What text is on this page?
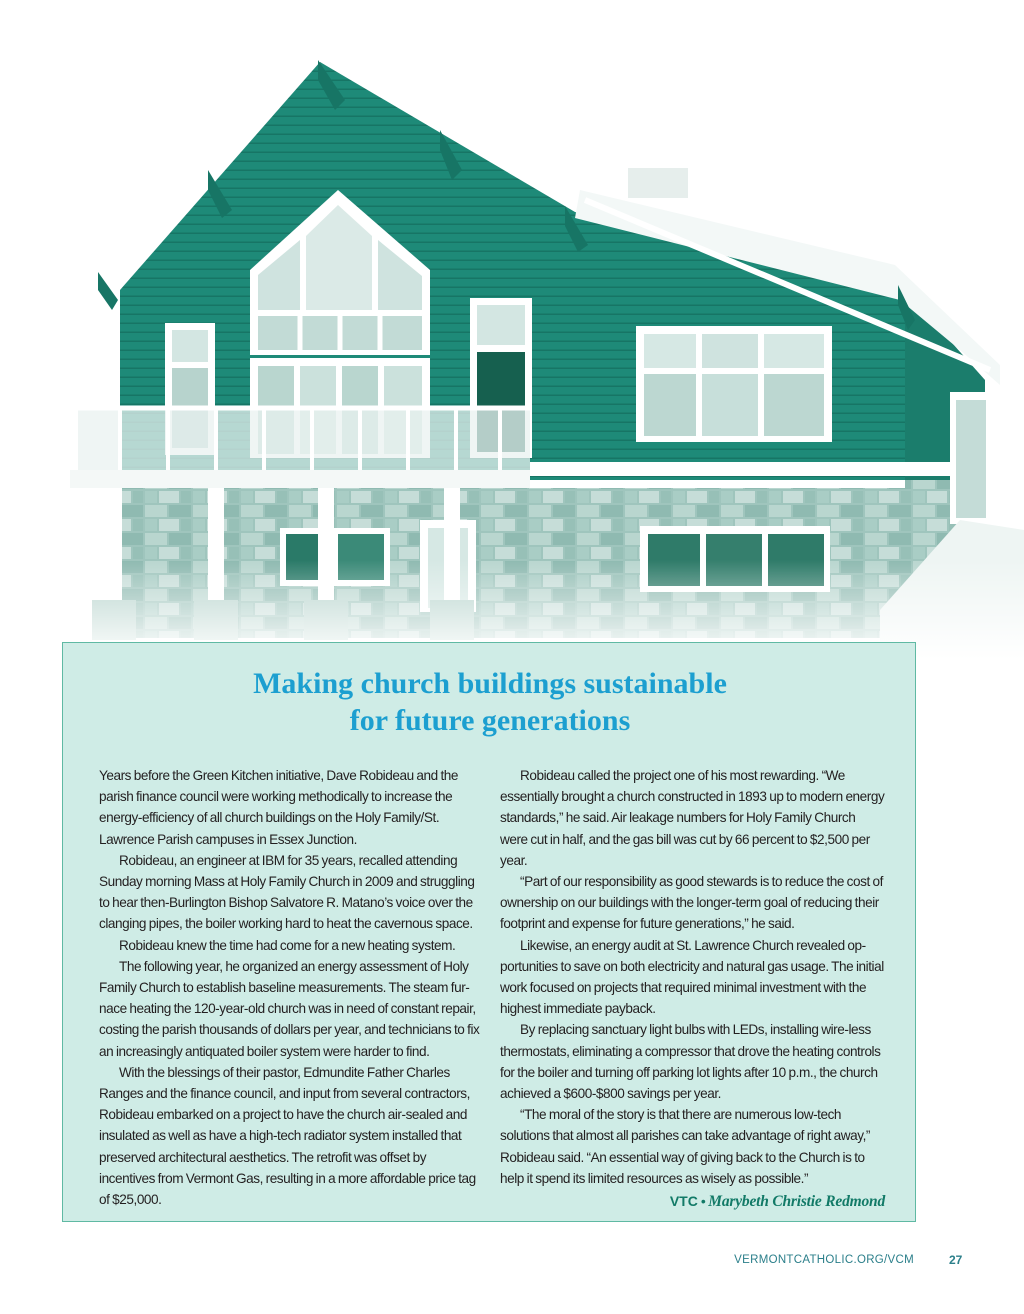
Making church buildings sustainable
for future generations

Years before the Green Kitchen initiative, Dave Robideau and the parish finance council were working methodically to increase the energy-efficiency of all church buildings on the Holy Family/St. Lawrence Parish campuses in Essex Junction.

Robideau, an engineer at IBM for 35 years, recalled attending Sunday morning Mass at Holy Family Church in 2009 and struggling to hear then-Burlington Bishop Salvatore R. Matano’s voice over the clanging pipes, the boiler working hard to heat the cavernous space.

Robideau knew the time had come for a new heating system.

The following year, he organized an energy assessment of Holy Family Church to establish baseline measurements. The steam fur-nace heating the 120-year-old church was in need of constant repair, costing the parish thousands of dollars per year, and technicians to fix an increasingly antiquated boiler system were harder to find.

With the blessings of their pastor, Edmundite Father Charles Ranges and the finance council, and input from several contractors, Robideau embarked on a project to have the church air-sealed and insulated as well as have a high-tech radiator system installed that preserved architectural aesthetics. The retrofit was offset by incentives from Vermont Gas, resulting in a more affordable price tag of $25,000.

Robideau called the project one of his most rewarding. “We essentially brought a church constructed in 1893 up to modern energy standards,” he said. Air leakage numbers for Holy Family Church were cut in half, and the gas bill was cut by 66 percent to $2,500 per year.

“Part of our responsibility as good stewards is to reduce the cost of ownership on our buildings with the longer-term goal of reducing their footprint and expense for future generations,” he said.

Likewise, an energy audit at St. Lawrence Church revealed op-portunities to save on both electricity and natural gas usage. The initial work focused on projects that required minimal investment with the highest immediate payback.

By replacing sanctuary light bulbs with LEDs, installing wire-less thermostats, eliminating a compressor that drove the heating controls for the boiler and turning off parking lot lights after 10 p.m., the church achieved a $600-$800 savings per year.

“The moral of the story is that there are numerous low-tech solutions that almost all parishes can take advantage of right away,” Robideau said. “An essential way of giving back to the Church is to help it spend its limited resources as wisely as possible.”

VTC • Marybeth Christie Redmond
VERMONTCATHOLIC.ORG/VCM	27
